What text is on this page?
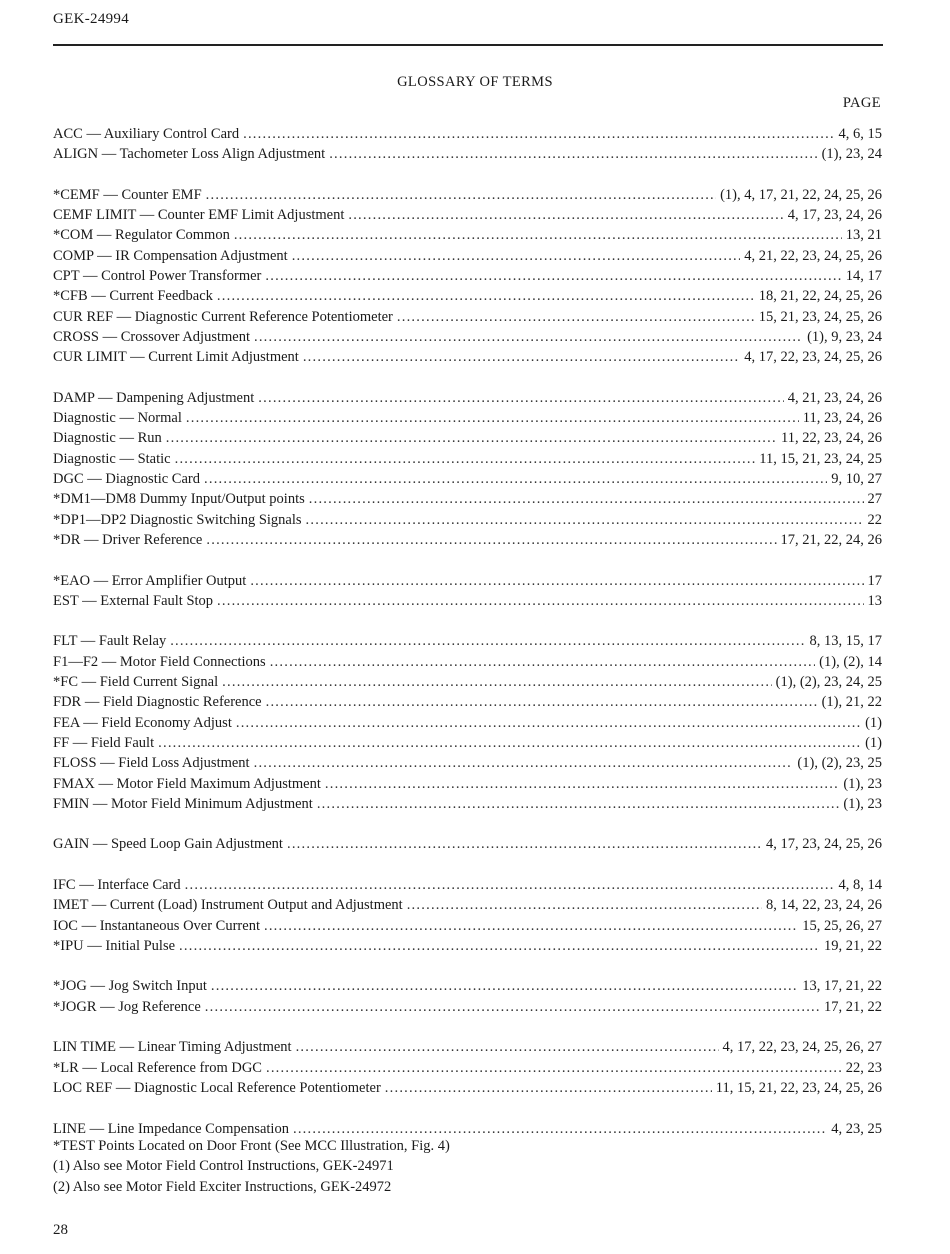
GEK-24994
GLOSSARY OF TERMS
PAGE
ACC — Auxiliary Control Card . . .	4, 6, 15
ALIGN — Tachometer Loss Align Adjustment . . .	(1), 23, 24
*CEMF — Counter EMF . . .	(1), 4, 17, 21, 22, 24, 25, 26
CEMF LIMIT — Counter EMF Limit Adjustment . . .	4, 17, 23, 24, 26
*COM — Regulator Common . . .	13, 21
COMP — IR Compensation Adjustment . . .	4, 21, 22, 23, 24, 25, 26
CPT — Control Power Transformer . . .	14, 17
*CFB — Current Feedback . . .	18, 21, 22, 24, 25, 26
CUR REF — Diagnostic Current Reference Potentiometer . . .	15, 21, 23, 24, 25, 26
CROSS — Crossover Adjustment . . .	(1), 9, 23, 24
CUR LIMIT — Current Limit Adjustment . . .	4, 17, 22, 23, 24, 25, 26
DAMP — Dampening Adjustment . . .	4, 21, 23, 24, 26
Diagnostic — Normal . . .	11, 23, 24, 26
Diagnostic — Run . . .	11, 22, 23, 24, 26
Diagnostic — Static . . .	11, 15, 21, 23, 24, 25
DGC — Diagnostic Card . . .	9, 10, 27
*DM1—DM8 Dummy Input/Output points . . .	27
*DP1—DP2 Diagnostic Switching Signals . . .	22
*DR — Driver Reference . . .	17, 21, 22, 24, 26
*EAO — Error Amplifier Output . . .	17
EST — External Fault Stop . . .	13
FLT — Fault Relay . . .	8, 13, 15, 17
F1—F2 — Motor Field Connections . . .	(1), (2), 14
*FC — Field Current Signal . . .	(1), (2), 23, 24, 25
FDR — Field Diagnostic Reference . . .	(1), 21, 22
FEA — Field Economy Adjust . . .	(1)
FF — Field Fault . . .	(1)
FLOSS — Field Loss Adjustment . . .	(1), (2), 23, 25
FMAX — Motor Field Maximum Adjustment . . .	(1), 23
FMIN — Motor Field Minimum Adjustment . . .	(1), 23
GAIN — Speed Loop Gain Adjustment . . .	4, 17, 23, 24, 25, 26
IFC — Interface Card . . .	4, 8, 14
IMET — Current (Load) Instrument Output and Adjustment . . .	8, 14, 22, 23, 24, 26
IOC — Instantaneous Over Current . . .	15, 25, 26, 27
*IPU — Initial Pulse . . .	19, 21, 22
*JOG — Jog Switch Input . . .	13, 17, 21, 22
*JOGR — Jog Reference . . .	17, 21, 22
LIN TIME — Linear Timing Adjustment . . .	4, 17, 22, 23, 24, 25, 26, 27
*LR — Local Reference from DGC . . .	22, 23
LOC REF — Diagnostic Local Reference Potentiometer . . .	11, 15, 21, 22, 23, 24, 25, 26
LINE — Line Impedance Compensation . . .	4, 23, 25
*TEST Points Located on Door Front (See MCC Illustration, Fig. 4)
(1) Also see Motor Field Control Instructions, GEK-24971
(2) Also see Motor Field Exciter Instructions, GEK-24972
28
